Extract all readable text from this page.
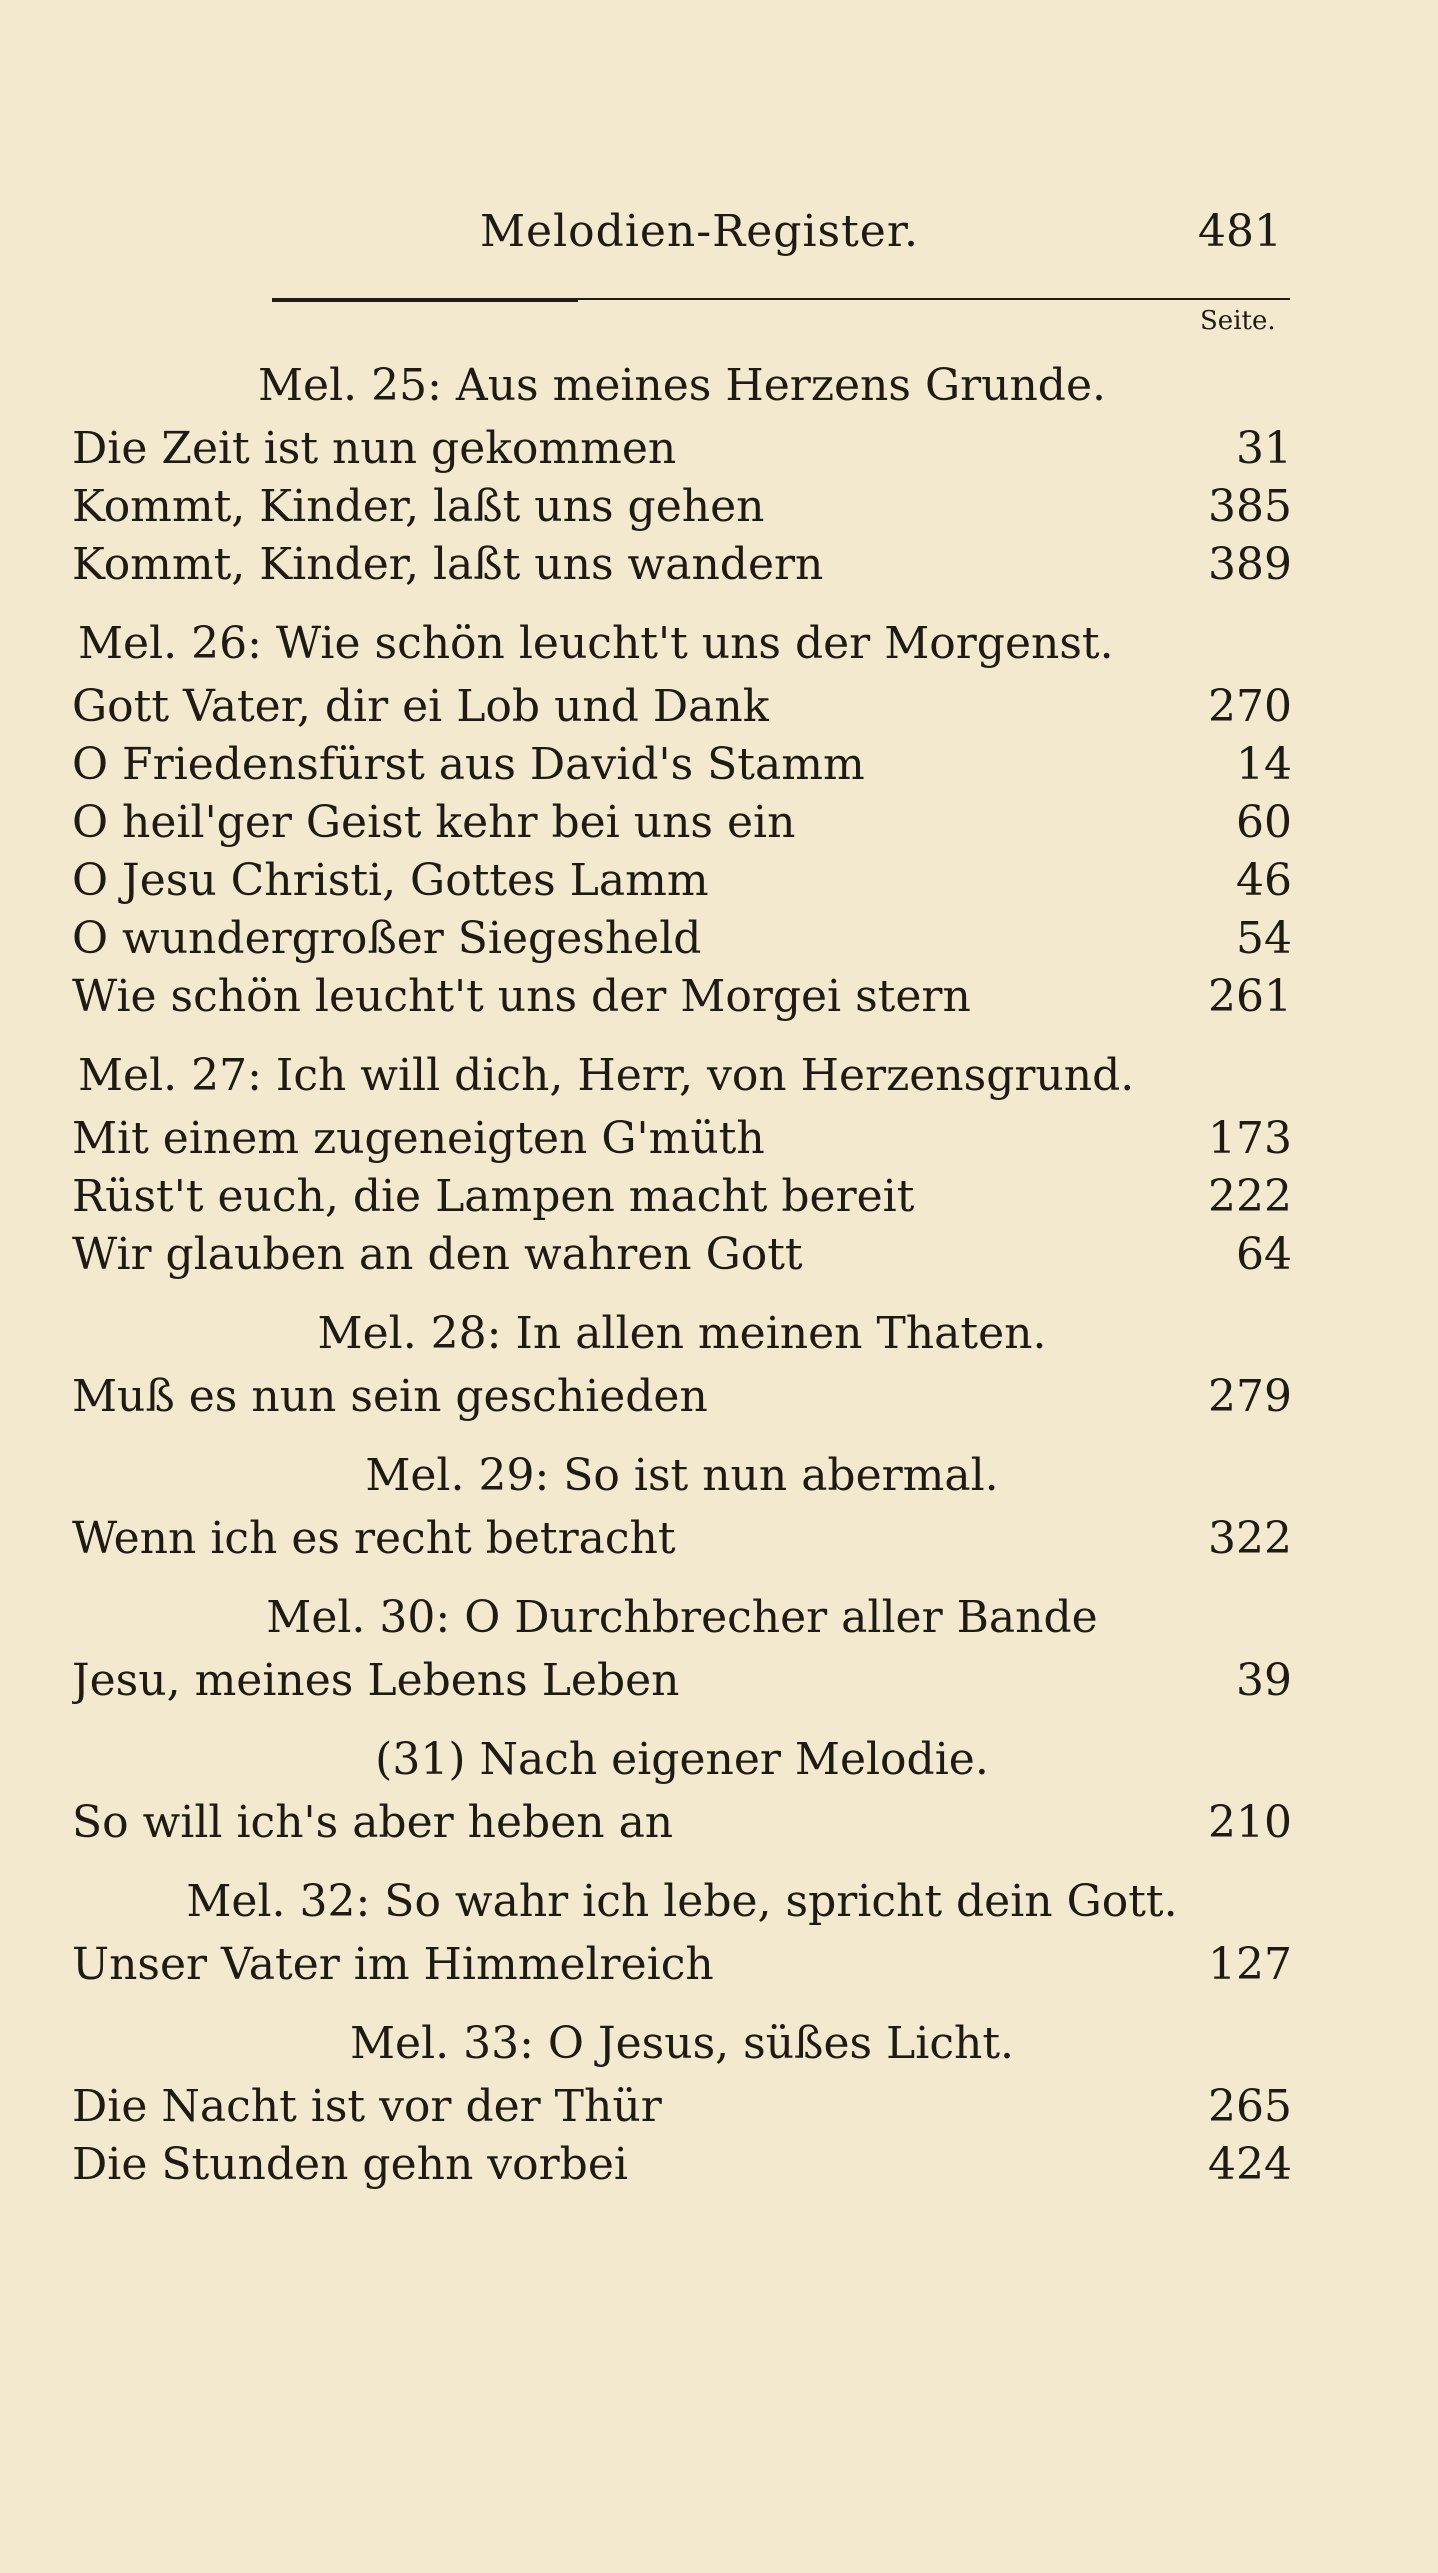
Melodien-Register.	481
Seite.
Mel. 25: Aus meines Herzens Grunde.
Die Zeit ist nun gekommen	31
Kommt, Kinder, laßt uns gehen	385
Kommt, Kinder, laßt uns wandern	389
Mel. 26: Wie schön leucht't uns der Morgenst.
Gott Vater, dir ei Lob und Dank	270
O Friedensfürst aus David's Stamm	14
O heil'ger Geist kehr bei uns ein	60
O Jesu Christi, Gottes Lamm	46
O wundergroßer Siegesheld	54
Wie schön leucht't uns der Morgei stern	261
Mel. 27: Ich will dich, Herr, von Herzensgrund.
Mit einem zugeneigten G'müth	173
Rüst't euch, die Lampen macht bereit	222
Wir glauben an den wahren Gott	64
Mel. 28: In allen meinen Thaten.
Muß es nun sein geschieden	279
Mel. 29: So ist nun abermal.
Wenn ich es recht betracht	322
Mel. 30: O Durchbrecher aller Bande
Jesu, meines Lebens Leben	39
(31) Nach eigener Melodie.
So will ich's aber heben an	210
Mel. 32: So wahr ich lebe, spricht dein Gott.
Unser Vater im Himmelreich	127
Mel. 33: O Jesus, süßes Licht.
Die Nacht ist vor der Thür	265
Die Stunden gehn vorbei	424
